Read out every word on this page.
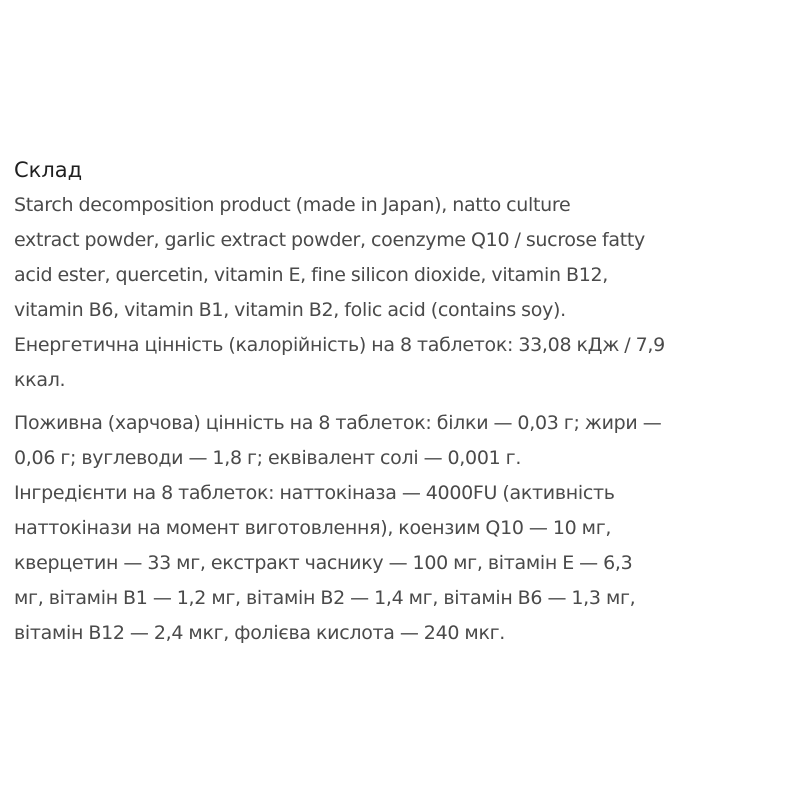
Склад

Starch decomposition product (made in Japan), natto culture
extract powder, garlic extract powder, coenzyme Q10 / sucrose fatty
acid ester, quercetin, vitamin E, fine silicon dioxide, vitamin B12,
vitamin B6, vitamin B1, vitamin B2, folic acid (contains soy).

Енергетична цінність (калорійність) на 8 таблеток: 33,08 кДж / 7,9
ккал.

Поживна (харчова) цінність на 8 таблеток: білки — 0,03 г; жири —
0,06 г; вуглеводи — 1,8 г; еквівалент солі — 0,001 г.

Інгредієнти на 8 таблеток: наттокіназа — 4000FU (активність
наттокінази на момент виготовлення), коензим Q10 — 10 мг,
кверцетин — 33 мг, екстракт часнику — 100 мг, вітамін Е — 6,3
мг, вітамін В1 — 1,2 мг, вітамін В2 — 1,4 мг, вітамін В6 — 1,3 мг,
вітамін В12 — 2,4 мкг, фолієва кислота — 240 мкг.
